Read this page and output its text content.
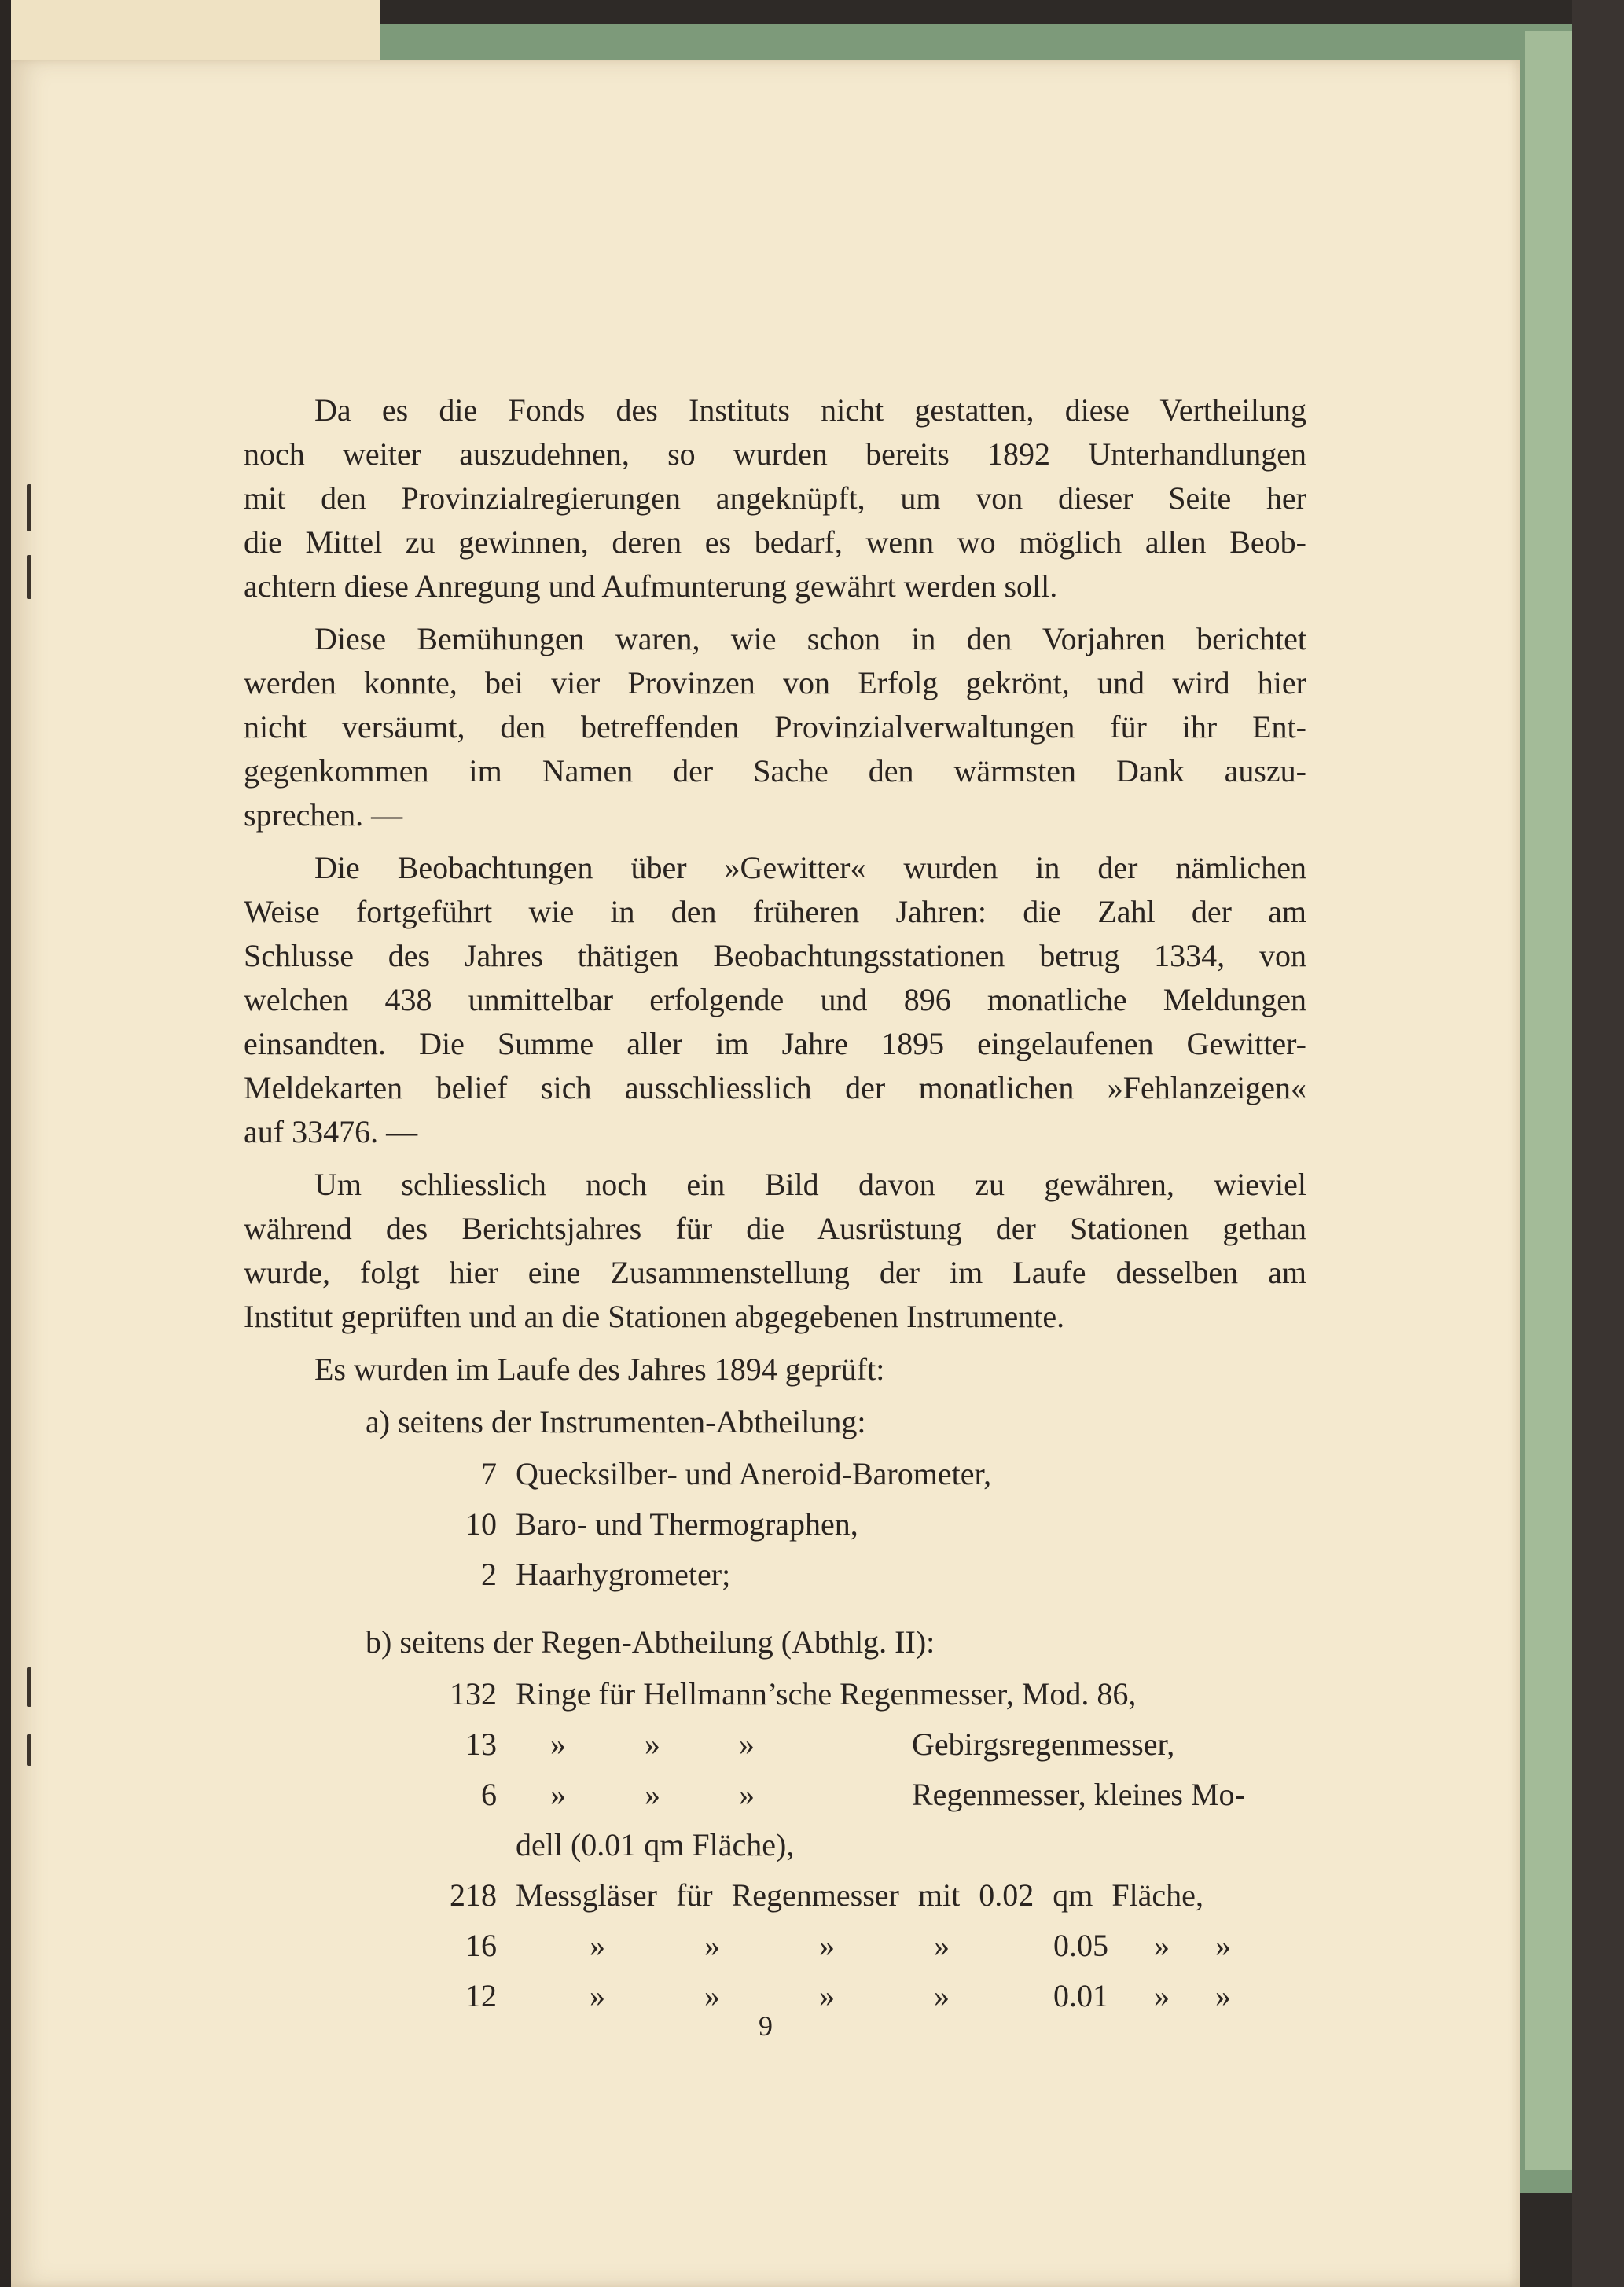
Da es die Fonds des Instituts nicht gestatten, diese Vertheilung
noch weiter auszudehnen, so wurden bereits 1892 Unterhandlungen
mit den Provinzialregierungen angeknüpft, um von dieser Seite her
die Mittel zu gewinnen, deren es bedarf, wenn wo möglich allen Beob-
achtern diese Anregung und Aufmunterung gewährt werden soll.
Diese Bemühungen waren, wie schon in den Vorjahren berichtet
werden konnte, bei vier Provinzen von Erfolg gekrönt, und wird hier
nicht versäumt, den betreffenden Provinzialverwaltungen für ihr Ent-
gegenkommen im Namen der Sache den wärmsten Dank auszu-
sprechen. —
Die Beobachtungen über »Gewitter« wurden in der nämlichen
Weise fortgeführt wie in den früheren Jahren: die Zahl der am
Schlusse des Jahres thätigen Beobachtungsstationen betrug 1334, von
welchen 438 unmittelbar erfolgende und 896 monatliche Meldungen
einsandten. Die Summe aller im Jahre 1895 eingelaufenen Gewitter-
Meldekarten belief sich ausschliesslich der monatlichen »Fehlanzeigen«
auf 33476. —
Um schliesslich noch ein Bild davon zu gewähren, wieviel
während des Berichtsjahres für die Ausrüstung der Stationen gethan
wurde, folgt hier eine Zusammenstellung der im Laufe desselben am
Institut geprüften und an die Stationen abgegebenen Instrumente.
Es wurden im Laufe des Jahres 1894 geprüft:
a) seitens der Instrumenten-Abtheilung:
7 Quecksilber- und Aneroid-Barometer,
10 Baro- und Thermographen,
2 Haarhygrometer;
b) seitens der Regen-Abtheilung (Abthlg. II):
132 Ringe für Hellmann’sche Regenmesser, Mod. 86,
13 » » »	Gebirgsregenmesser,
6 » » »	Regenmesser, kleines Mo-
dell (0.01 qm Fläche),
218 Messgläser für Regenmesser mit 0.02 qm Fläche,
16	» » » »	0.05 » »
12	» » » »	0.01 » »
9
